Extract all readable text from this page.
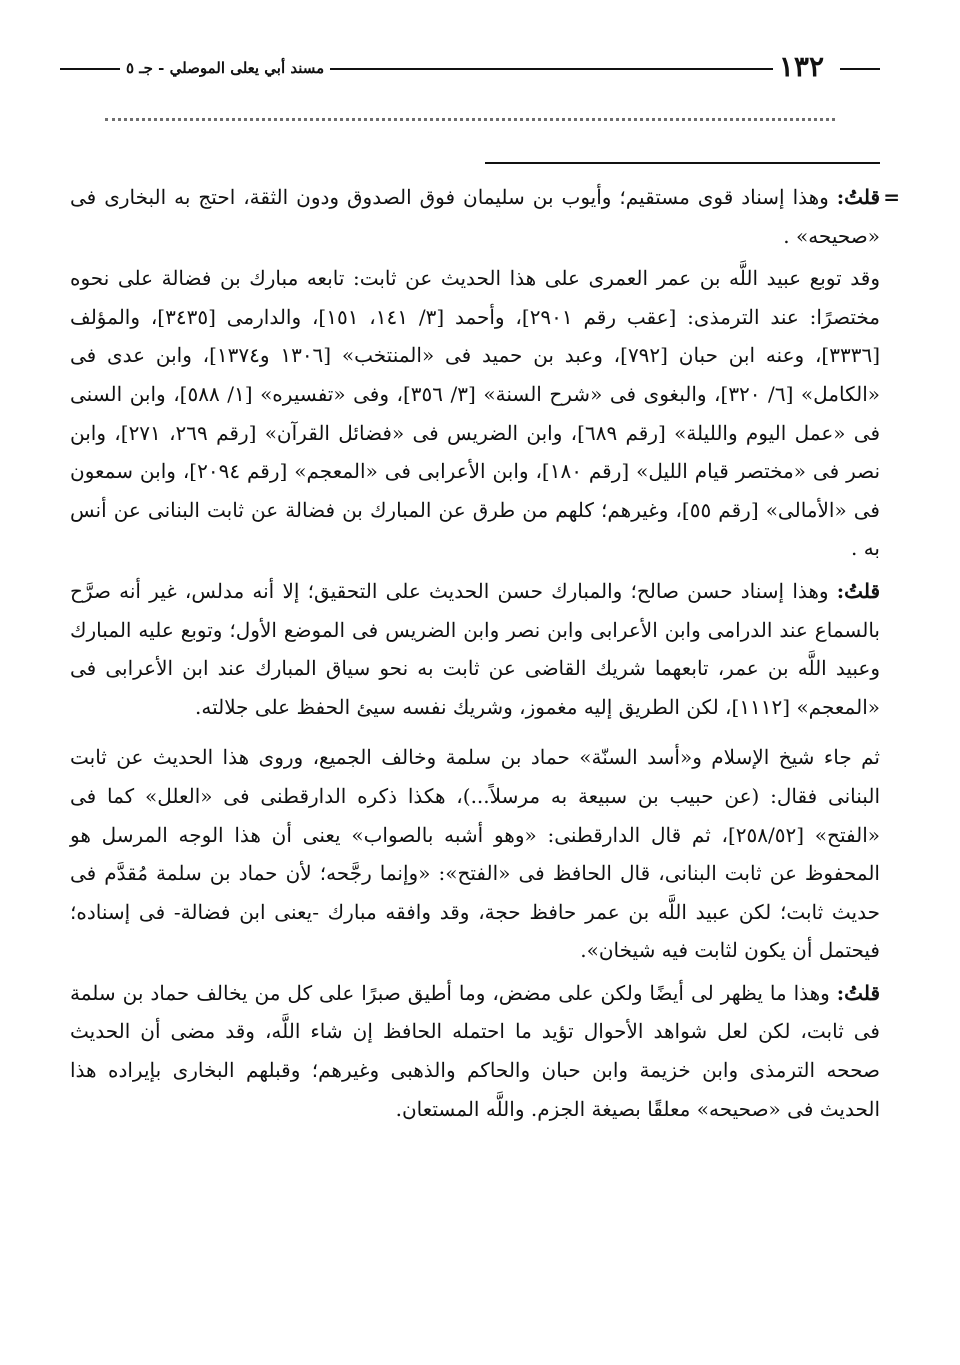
مسند أبي يعلى الموصلي - جـ ٥	١٣٢

=
قلتُ: وهذا إسناد قوى مستقيم؛ وأيوب بن سليمان فوق الصدوق ودون الثقة، احتج به البخارى فى «صحيحه» .

وقد توبع عبيد اللَّه بن عمر العمرى على هذا الحديث عن ثابت: تابعه مبارك بن فضالة على نحوه مختصرًا: عند الترمذى: [عقب رقم ٢٩٠١]، وأحمد [٣/ ١٤١، ١٥١]، والدارمى [٣٤٣٥]، والمؤلف [٣٣٣٦]، وعنه ابن حبان [٧٩٢]، وعبد بن حميد فى «المنتخب» [١٣٠٦ و١٣٧٤]، وابن عدى فى «الكامل» [٦/ ٣٢٠]، والبغوى فى «شرح السنة» [٣/ ٣٥٦]، وفى «تفسيره» [١/ ٥٨٨]، وابن السنى فى «عمل اليوم والليلة» [رقم ٦٨٩]، وابن الضريس فى «فضائل القرآن» [رقم ٢٦٩، ٢٧١]، وابن نصر فى «مختصر قيام الليل» [رقم ١٨٠]، وابن الأعرابى فى «المعجم» [رقم ٢٠٩٤]، وابن سمعون فى «الأمالى» [رقم ٥٥]، وغيرهم؛ كلهم من طرق عن المبارك بن فضالة عن ثابت البنانى عن أنس به .

قلتُ: وهذا إسناد حسن صالح؛ والمبارك حسن الحديث على التحقيق؛ إلا أنه مدلس، غير أنه صرَّح بالسماع عند الدرامى وابن الأعرابى وابن نصر وابن الضريس فى الموضع الأول؛ وتوبع عليه المبارك وعبيد اللَّه بن عمر، تابعهما شريك القاضى عن ثابت به نحو سياق المبارك عند ابن الأعرابى فى «المعجم» [١١١٢]، لكن الطريق إليه مغموز، وشريك نفسه سيئ الحفظ على جلالته.

ثم جاء شيخ الإسلام و«أسد السنّة» حماد بن سلمة وخالف الجميع، وروى هذا الحديث عن ثابت البنانى فقال: (عن حبيب بن سبيعة به مرسلاً...)، هكذا ذكره الدارقطنى فى «العلل» كما فى «الفتح» [٢٥٨/٥٢]، ثم قال الدارقطنى: «وهو أشبه بالصواب» يعنى أن هذا الوجه المرسل هو المحفوظ عن ثابت البنانى، قال الحافظ فى «الفتح»: «وإنما رجَّحه؛ لأن حماد بن سلمة مُقدَّم فى حديث ثابت؛ لكن عبيد اللَّه بن عمر حافظ حجة، وقد وافقه مبارك -يعنى ابن فضالة- فى إسناده؛ فيحتمل أن يكون لثابت فيه شيخان».

قلتُ: وهذا ما يظهر لى أيضًا ولكن على مضض، وما أطيق صبرًا على كل من يخالف حماد بن سلمة فى ثابت، لكن لعل شواهد الأحوال تؤيد ما احتمله الحافظ إن شاء اللَّه، وقد مضى أن الحديث صححه الترمذى وابن خزيمة وابن حبان والحاكم والذهبى وغيرهم؛ وقبلهم البخارى بإيراده هذا الحديث فى «صحيحه» معلقًا بصيغة الجزم. واللَّه المستعان.
